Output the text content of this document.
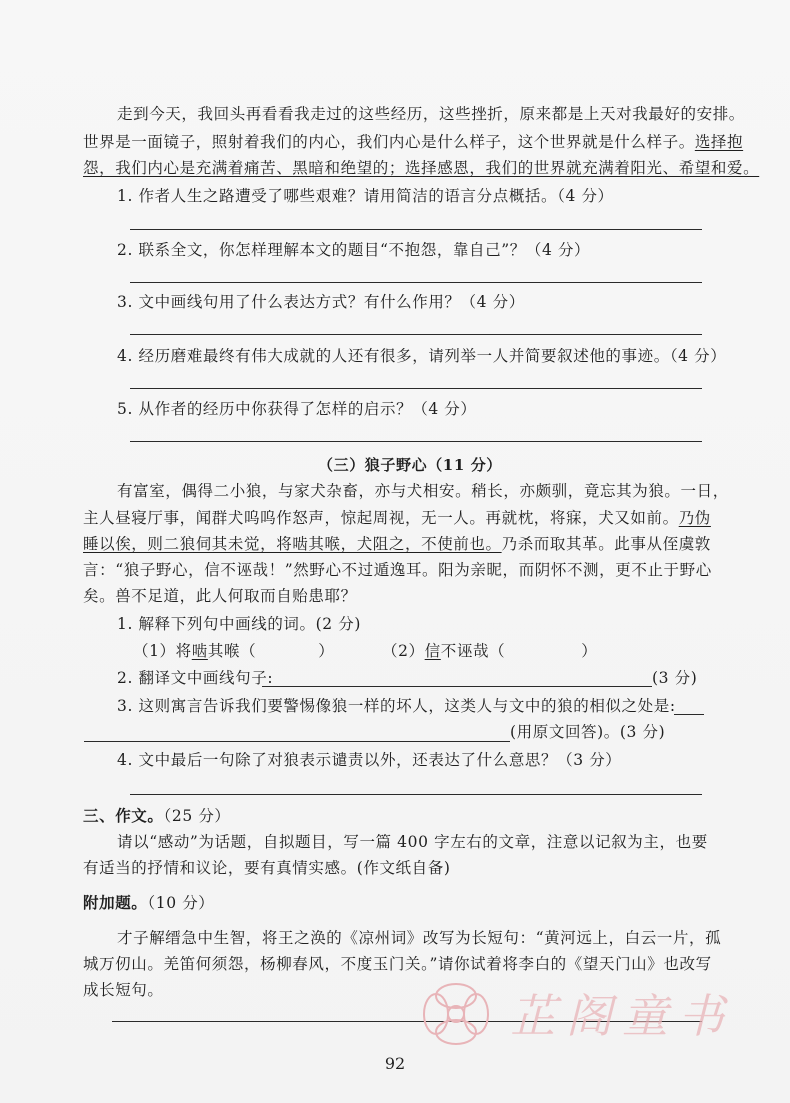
走到今天，我回头再看看我走过的这些经历，这些挫折，原来都是上天对我最好的安排。
世界是一面镜子，照射着我们的内心，我们内心是什么样子，这个世界就是什么样子。选择抱
怨，我们内心是充满着痛苦、黑暗和绝望的；选择感恩，我们的世界就充满着阳光、希望和爱。
1. 作者人生之路遭受了哪些艰难？请用简洁的语言分点概括。（4 分）
2. 联系全文，你怎样理解本文的题目“不抱怨，靠自己”？（4 分）
3. 文中画线句用了什么表达方式？有什么作用？（4 分）
4. 经历磨难最终有伟大成就的人还有很多，请列举一人并简要叙述他的事迹。（4 分）
5. 从作者的经历中你获得了怎样的启示？（4 分）
（三）狼子野心（11 分）
有富室，偶得二小狼，与家犬杂畜，亦与犬相安。稍长，亦颇驯，竟忘其为狼。一日，
主人昼寝厅事，闻群犬呜呜作怒声，惊起周视，无一人。再就枕，将寐，犬又如前。乃伪
睡以俟，则二狼伺其未觉，将啮其喉，犬阻之，不使前也。乃杀而取其革。此事从侄虞敦
言：“狼子野心，信不诬哉！”然野心不过遁逸耳。阳为亲昵，而阴怀不测，更不止于野心
矣。兽不足道，此人何取而自贻患耶？
1. 解释下列句中画线的词。(2 分)
（1）将啮其喉（	）	（2）信不诬哉（	）
2. 翻译文中画线句子:	(3 分)
3. 这则寓言告诉我们要警惕像狼一样的坏人，这类人与文中的狼的相似之处是:
(用原文回答)。(3 分)
4. 文中最后一句除了对狼表示谴责以外，还表达了什么意思？（3 分）
三、作文。（25 分）
请以“感动”为话题，自拟题目，写一篇 400 字左右的文章，注意以记叙为主，也要
有适当的抒情和议论，要有真情实感。(作文纸自备)
附加题。（10 分）
才子解缙急中生智，将王之涣的《凉州词》改写为长短句：“黄河远上，白云一片，孤
城万仞山。羌笛何须怨，杨柳春风，不度玉门关。”请你试着将李白的《望天门山》也改写
成长短句。	芷阁童书
92
